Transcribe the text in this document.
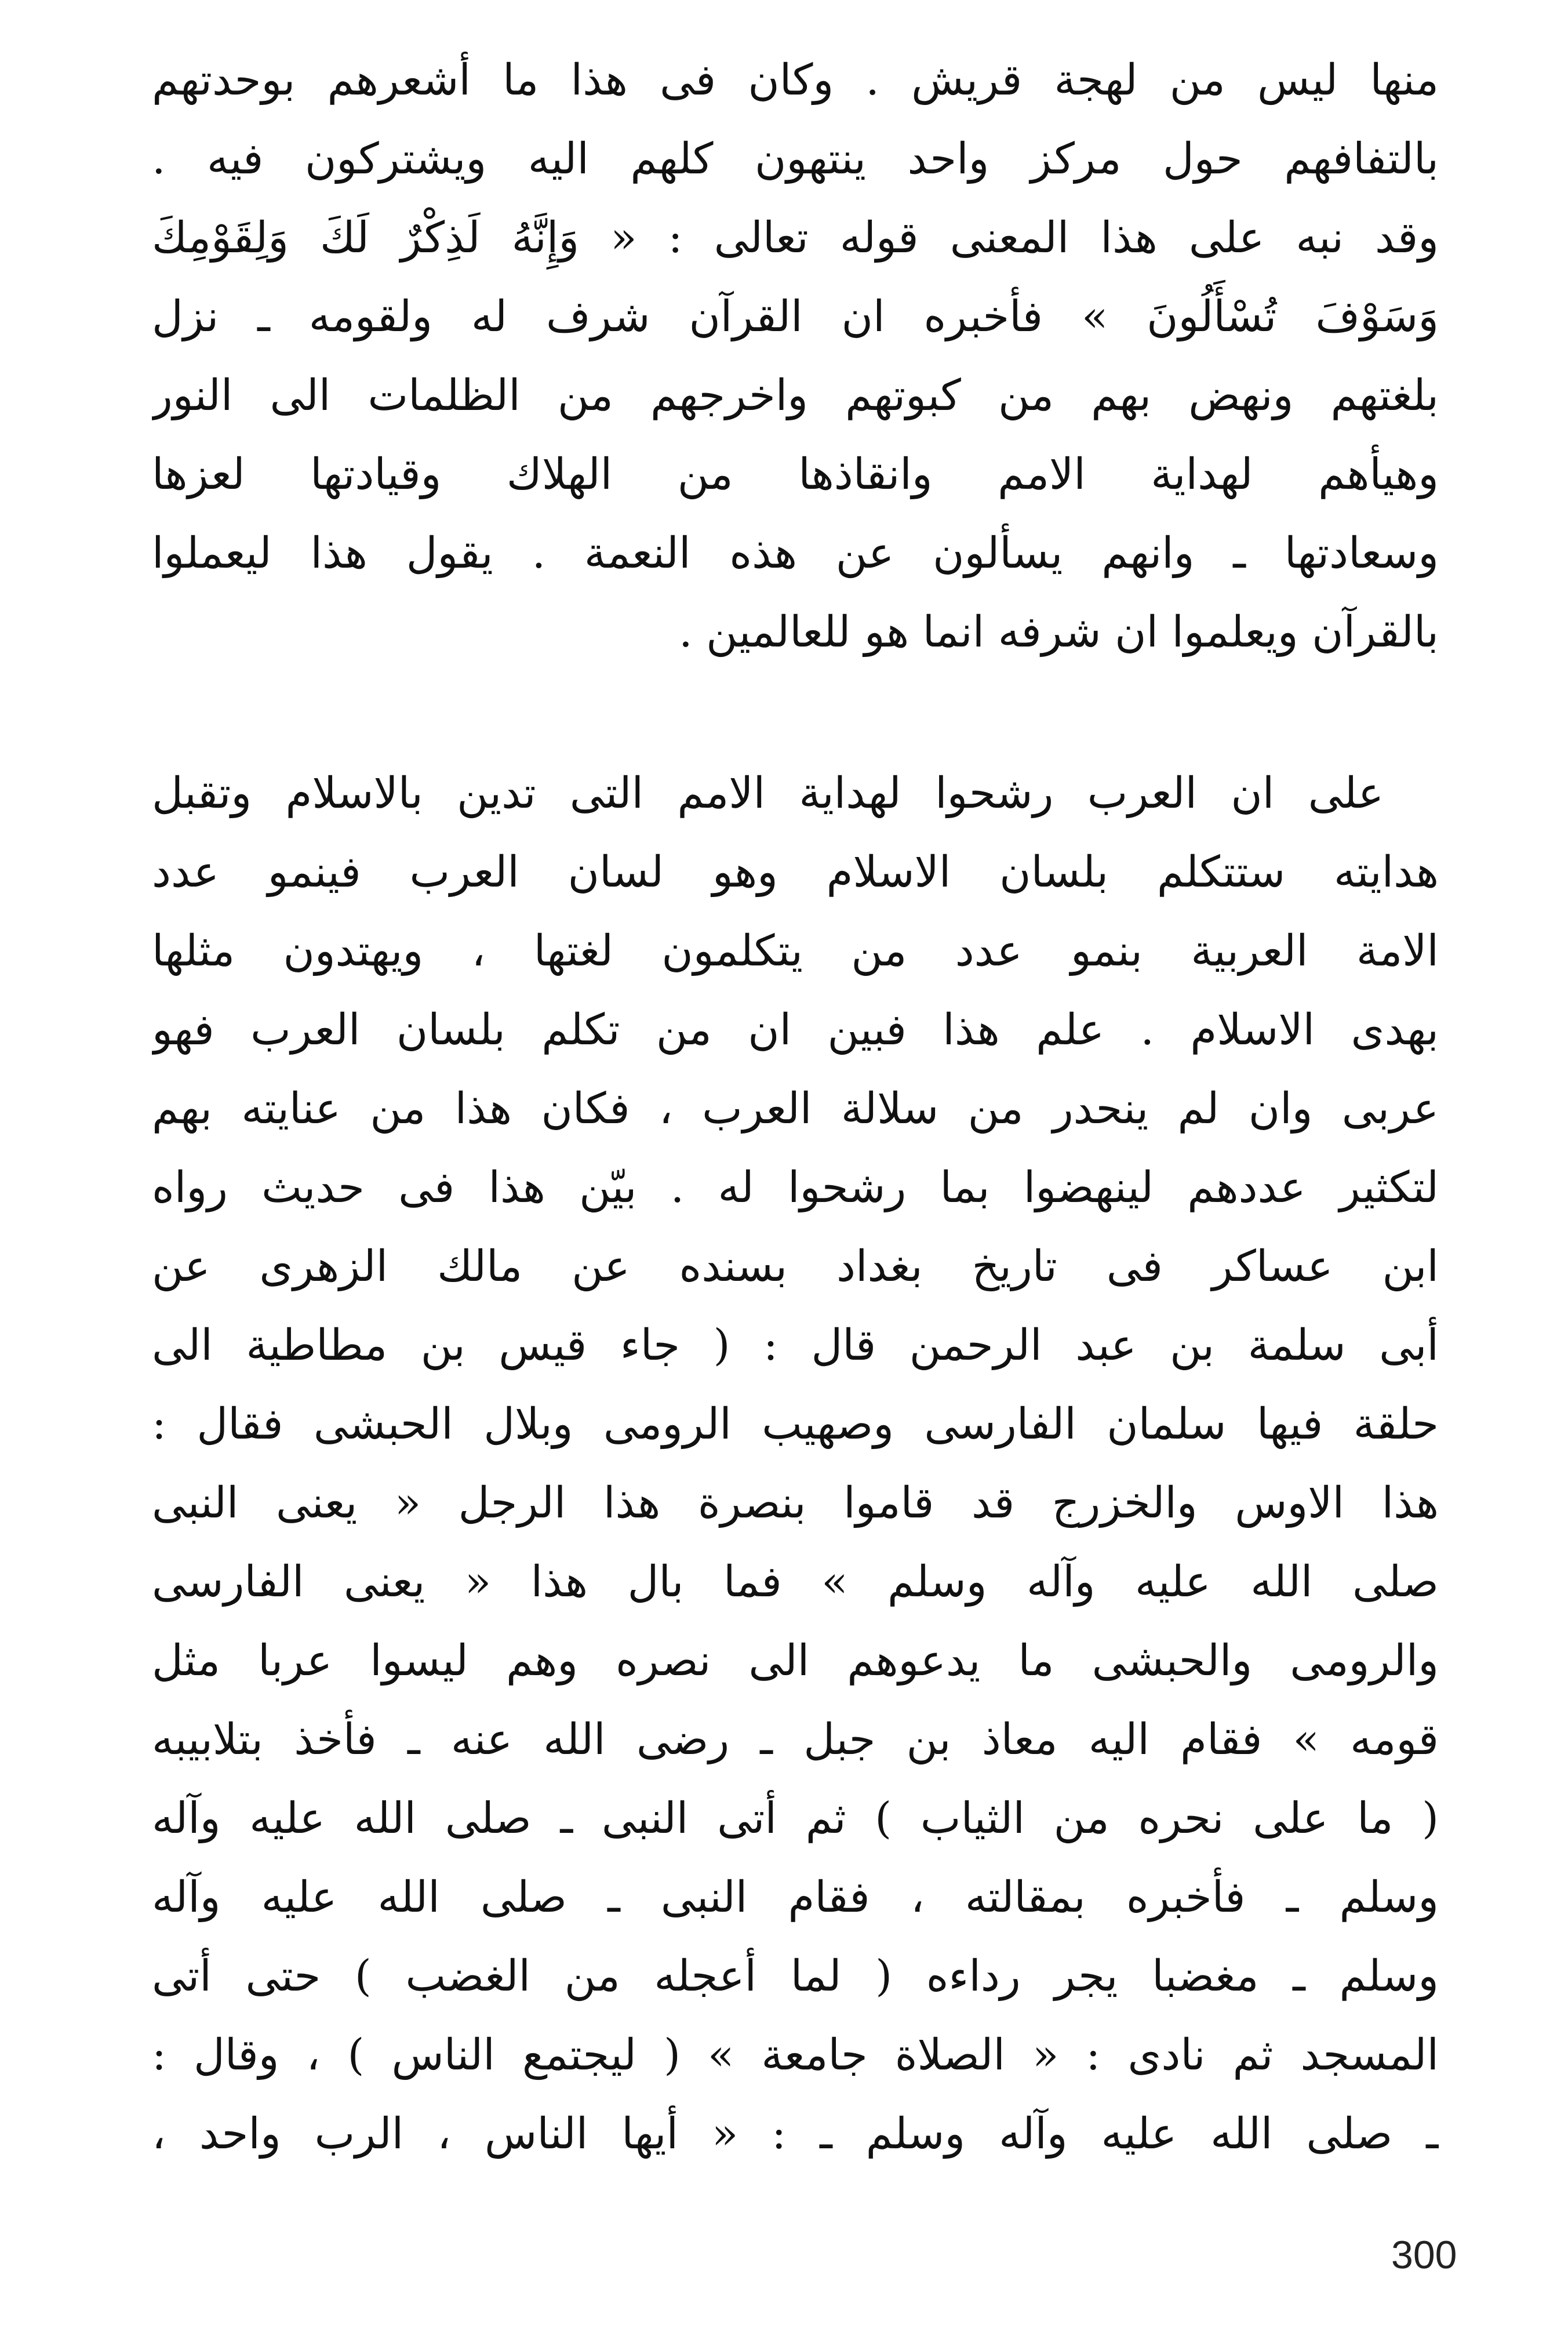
منها ليس من لهجة قريش . وكان فى هذا ما أشعرهم بوحدتهم
بالتفافهم حول مركز واحد ينتهون كلهم اليه ويشتركون فيه .
وقد نبه على هذا المعنى قوله تعالى : « وَإِنَّهُ لَذِكْرٌ لَكَ وَلِقَوْمِكَ
وَسَوْفَ تُسْأَلُونَ » فأخبره ان القرآن شرف له ولقومه ـ نزل
بلغتهم ونهض بهم من كبوتهم واخرجهم من الظلمات الى النور
وهيأهم لهداية الامم وانقاذها من الهلاك وقيادتها لعزها
وسعادتها ـ وانهم يسألون عن هذه النعمة . يقول هذا ليعملوا
بالقرآن ويعلموا ان شرفه انما هو للعالمين .
على ان العرب رشحوا لهداية الامم التى تدين بالاسلام وتقبل
هدايته ستتكلم بلسان الاسلام وهو لسان العرب فينمو عدد
الامة العربية بنمو عدد من يتكلمون لغتها ، ويهتدون مثلها
بهدى الاسلام . علم هذا فبين ان من تكلم بلسان العرب فهو
عربى وان لم ينحدر من سلالة العرب ، فكان هذا من عنايته بهم
لتكثير عددهم لينهضوا بما رشحوا له . بيّن هذا فى حديث رواه
ابن عساكر فى تاريخ بغداد بسنده عن مالك الزهرى عن
أبى سلمة بن عبد الرحمن قال : ( جاء قيس بن مطاطية الى
حلقة فيها سلمان الفارسى وصهيب الرومى وبلال الحبشى فقال :
هذا الاوس والخزرج قد قاموا بنصرة هذا الرجل « يعنى النبى
صلى الله عليه وآله وسلم » فما بال هذا « يعنى الفارسى
والرومى والحبشى ما يدعوهم الى نصره وهم ليسوا عربا مثل
قومه » فقام اليه معاذ بن جبل ـ رضى الله عنه ـ فأخذ بتلابيبه
( ما على نحره من الثياب ) ثم أتى النبى ـ صلى الله عليه وآله
وسلم ـ فأخبره بمقالته ، فقام النبى ـ صلى الله عليه وآله
وسلم ـ مغضبا يجر رداءه ( لما أعجله من الغضب ) حتى أتى
المسجد ثم نادى : « الصلاة جامعة » ( ليجتمع الناس ) ، وقال :
ـ صلى الله عليه وآله وسلم ـ : « أيها الناس ، الرب واحد ،
300
